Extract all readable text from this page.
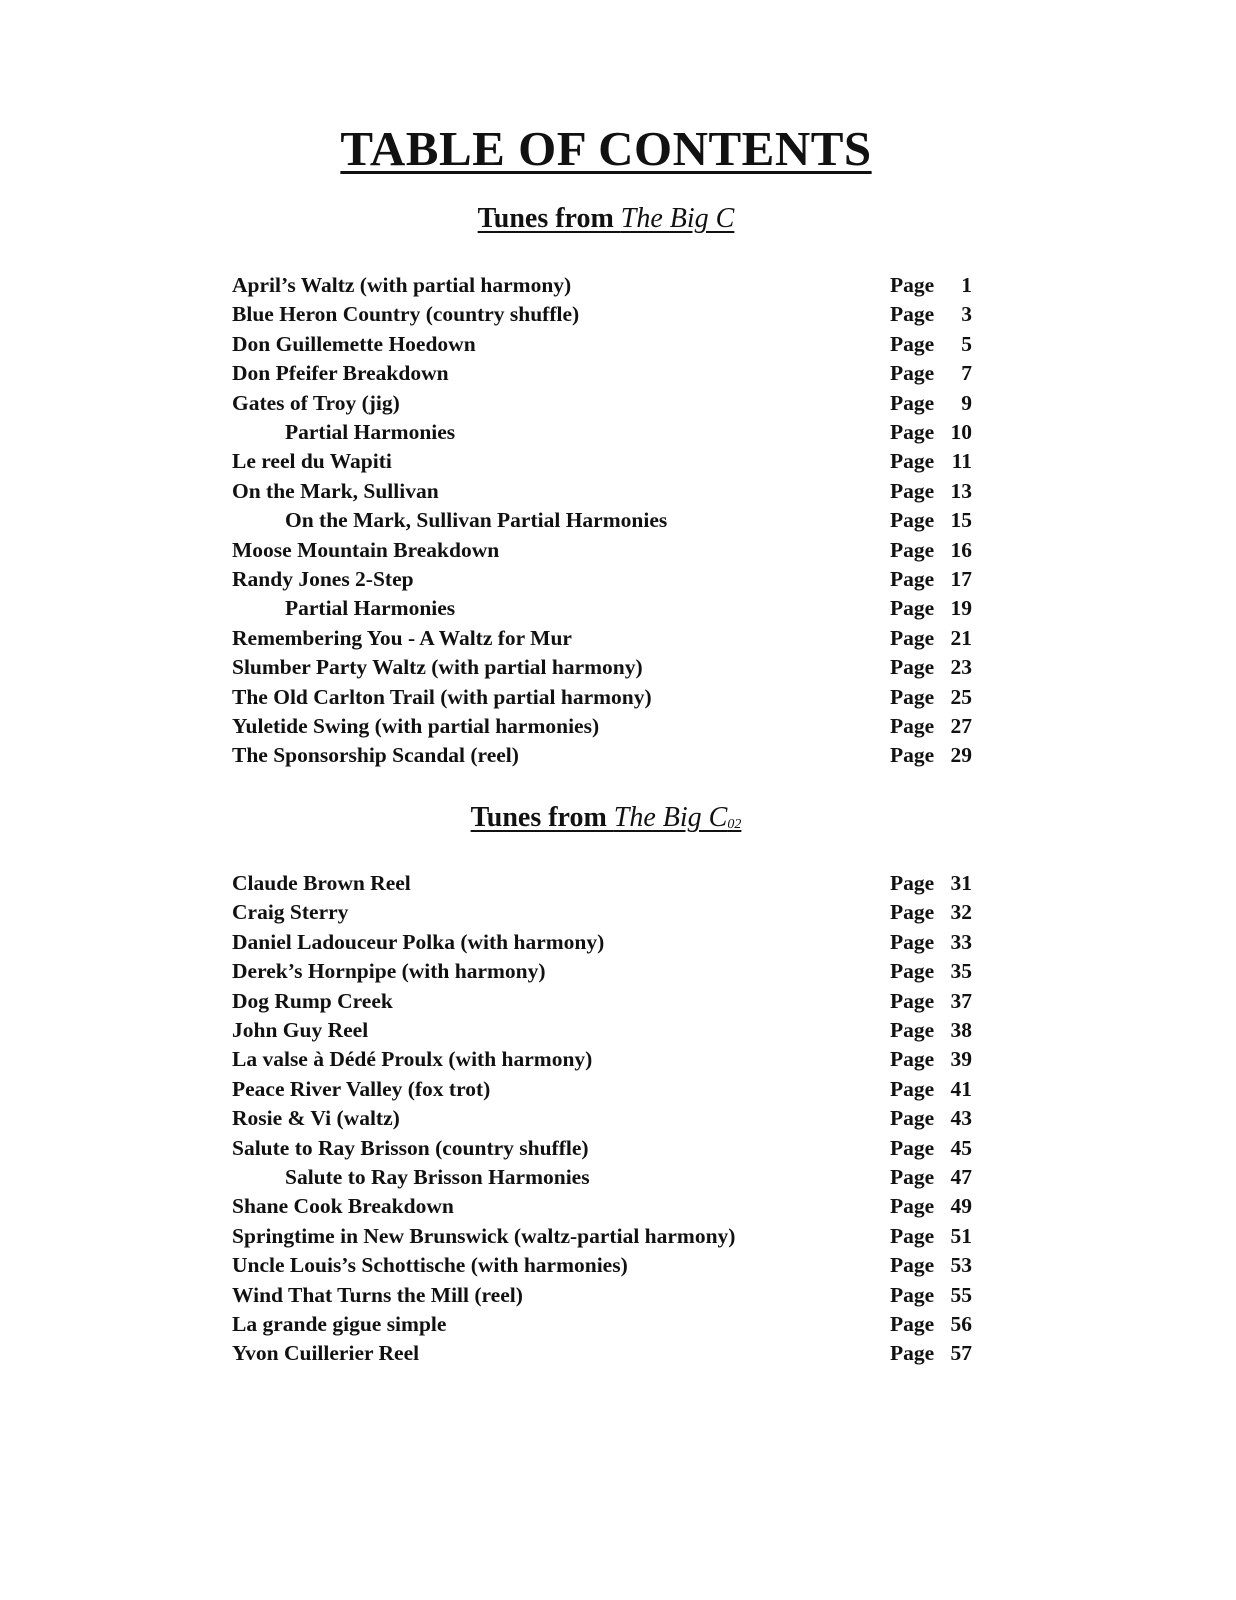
TABLE OF CONTENTS
Tunes from The Big C
Tunes from The Big $C_{02}$
April’s Waltz (with partial harmony)	Page	1
Blue Heron Country (country shuffle)	Page	3
Don Guillemette Hoedown	Page	5
Don Pfeifer Breakdown	Page	7
Gates of Troy (jig)	Page	9
Partial Harmonies	Page 10
Le reel du Wapiti	Page 11
On the Mark, Sullivan	Page 13
On the Mark, Sullivan Partial Harmonies	Page 15
Moose Mountain Breakdown	Page 16
Randy Jones 2-Step	Page 17
Partial Harmonies	Page 19
Remembering You - A Waltz for Mur	Page 21
Slumber Party Waltz (with partial harmony)	Page 23
The Old Carlton Trail (with partial harmony)	Page 25
Yuletide Swing (with partial harmonies)	Page 27
The Sponsorship Scandal (reel)	Page 29
Claude Brown Reel	Page 31
Craig Sterry	Page 32
Daniel Ladouceur Polka (with harmony)	Page 33
Derek’s Hornpipe (with harmony)	Page 35
Dog Rump Creek	Page 37
John Guy Reel	Page 38
La valse à Dédé Proulx (with harmony)	Page 39
Peace River Valley (fox trot)	Page 41
Rosie & Vi (waltz)	Page 43
Salute to Ray Brisson (country shuffle)	Page 45
Salute to Ray Brisson Harmonies	Page 47
Shane Cook Breakdown	Page 49
Springtime in New Brunswick (waltz-partial harmony)	Page 51
Uncle Louis’s Schottische (with harmonies)	Page 53
Wind That Turns the Mill (reel)	Page 55
La grande gigue simple	Page 56
Yvon Cuillerier Reel	Page 57
